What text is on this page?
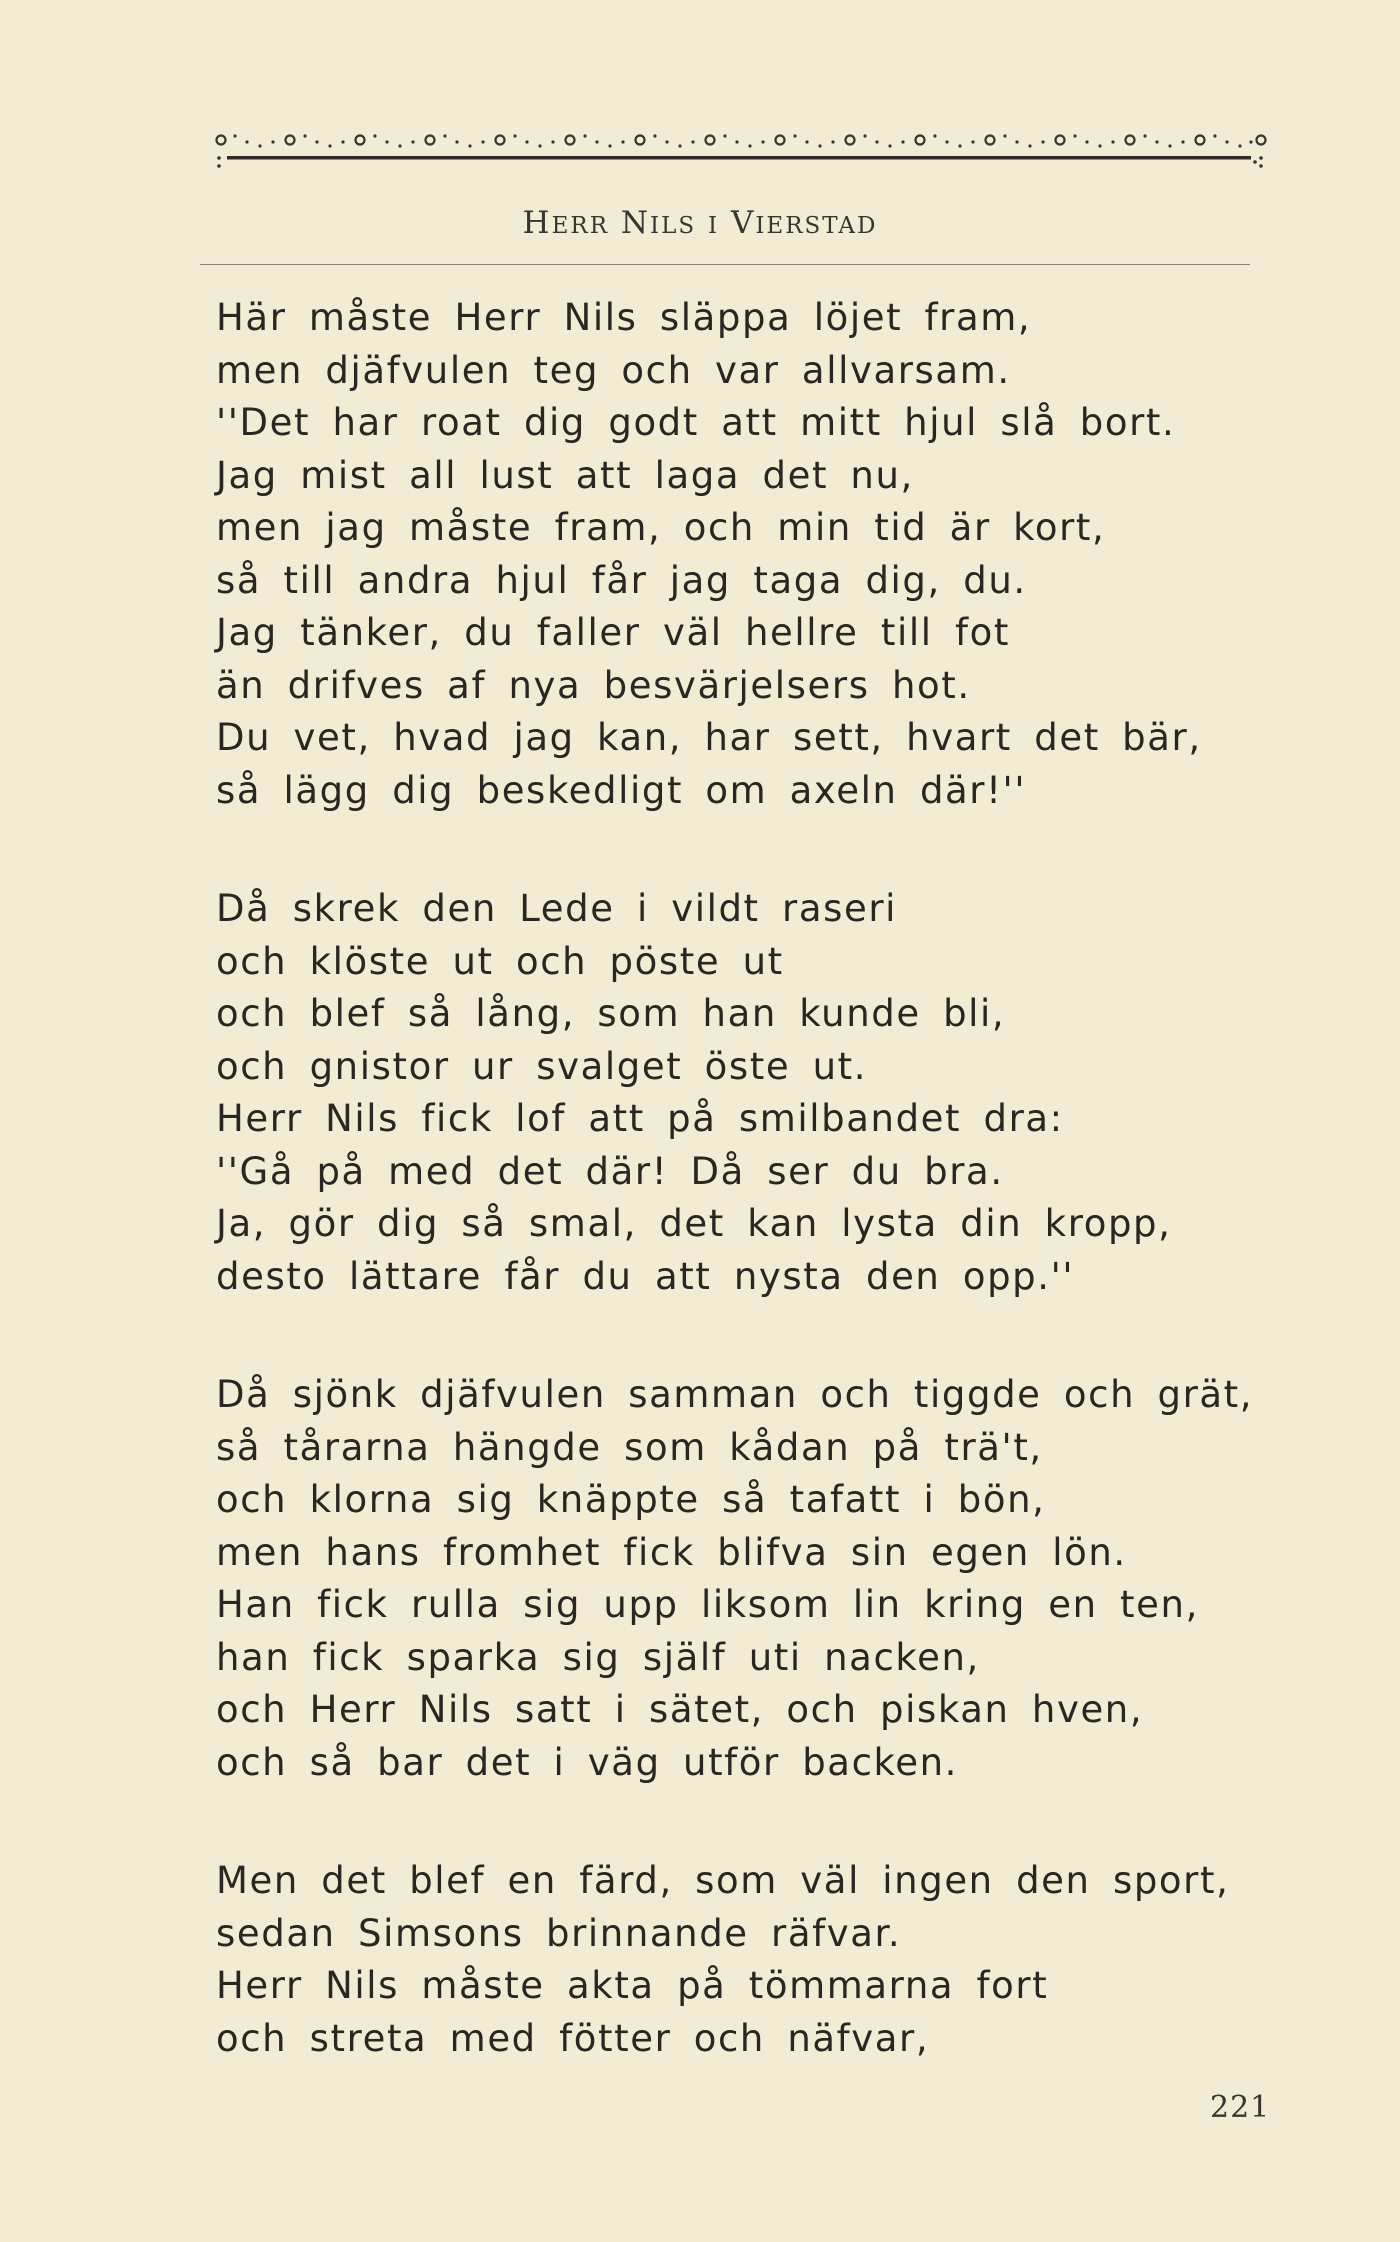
HERR NILS I VIERSTAD
Här måste Herr Nils släppa löjet fram,
men djäfvulen teg och var allvarsam.
''Det har roat dig godt att mitt hjul slå bort.
Jag mist all lust att laga det nu,
men jag måste fram, och min tid är kort,
så till andra hjul får jag taga dig, du.
Jag tänker, du faller väl hellre till fot
än drifves af nya besvärjelsers hot.
Du vet, hvad jag kan, har sett, hvart det bär,
så lägg dig beskedligt om axeln där!''
Då skrek den Lede i vildt raseri
och klöste ut och pöste ut
och blef så lång, som han kunde bli,
och gnistor ur svalget öste ut.
Herr Nils fick lof att på smilbandet dra:
''Gå på med det där! Då ser du bra.
Ja, gör dig så smal, det kan lysta din kropp,
desto lättare får du att nysta den opp.''
Då sjönk djäfvulen samman och tiggde och grät,
så tårarna hängde som kådan på trä't,
och klorna sig knäppte så tafatt i bön,
men hans fromhet fick blifva sin egen lön.
Han fick rulla sig upp liksom lin kring en ten,
han fick sparka sig själf uti nacken,
och Herr Nils satt i sätet, och piskan hven,
och så bar det i väg utför backen.
Men det blef en färd, som väl ingen den sport,
sedan Simsons brinnande räfvar.
Herr Nils måste akta på tömmarna fort
och streta med fötter och näfvar,
221
